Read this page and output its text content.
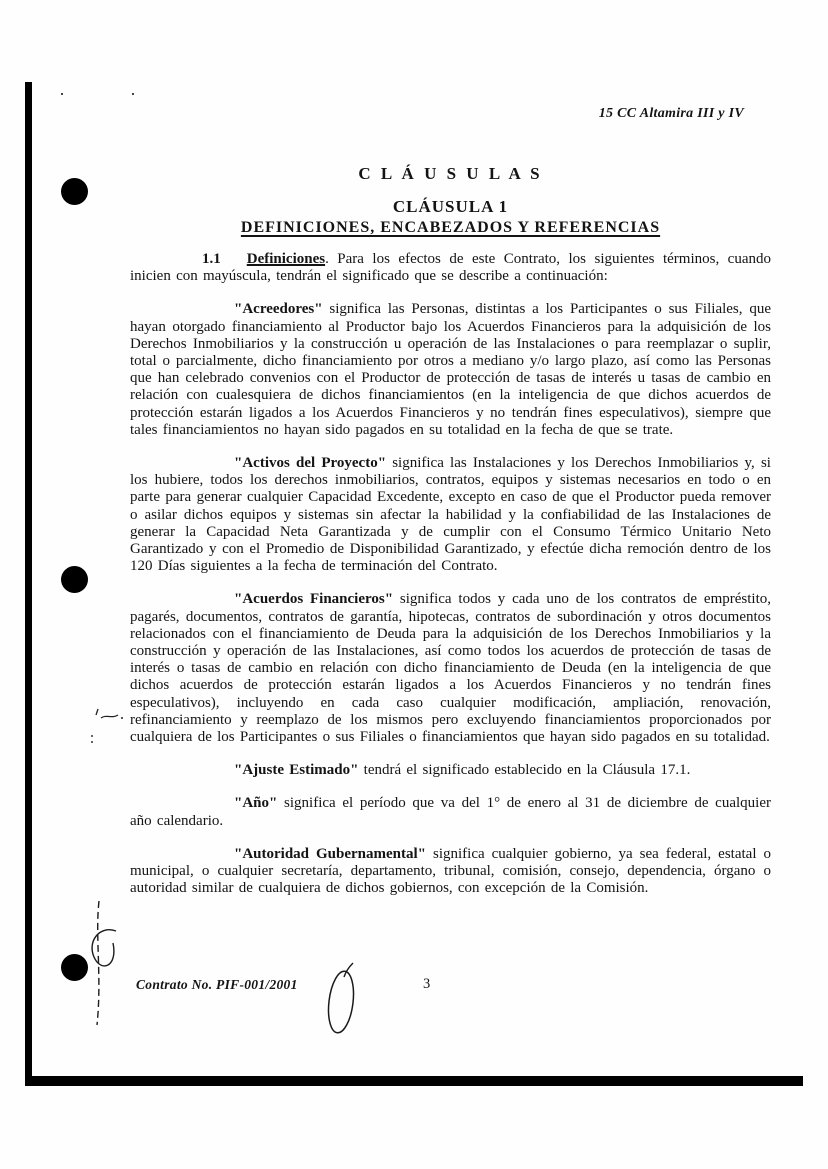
15 CC Altamira III y IV
C L Á U S U L A S
CLÁUSULA 1
DEFINICIONES, ENCABEZADOS Y REFERENCIAS

1.1 Definiciones. Para los efectos de este Contrato, los siguientes términos, cuando inicien con mayúscula, tendrán el significado que se describe a continuación:

"Acreedores" significa las Personas, distintas a los Participantes o sus Filiales, que hayan otorgado financiamiento al Productor bajo los Acuerdos Financieros para la adquisición de los Derechos Inmobiliarios y la construcción u operación de las Instalaciones o para reemplazar o suplir, total o parcialmente, dicho financiamiento por otros a mediano y/o largo plazo, así como las Personas que han celebrado convenios con el Productor de protección de tasas de interés u tasas de cambio en relación con cualesquiera de dichos financiamientos (en la inteligencia de que dichos acuerdos de protección estarán ligados a los Acuerdos Financieros y no tendrán fines especulativos), siempre que tales financiamientos no hayan sido pagados en su totalidad en la fecha de que se trate.

"Activos del Proyecto" significa las Instalaciones y los Derechos Inmobiliarios y, si los hubiere, todos los derechos inmobiliarios, contratos, equipos y sistemas necesarios en todo o en parte para generar cualquier Capacidad Excedente, excepto en caso de que el Productor pueda remover o asilar dichos equipos y sistemas sin afectar la habilidad y la confiabilidad de las Instalaciones de generar la Capacidad Neta Garantizada y de cumplir con el Consumo Térmico Unitario Neto Garantizado y con el Promedio de Disponibilidad Garantizado, y efectúe dicha remoción dentro de los 120 Días siguientes a la fecha de terminación del Contrato.

"Acuerdos Financieros" significa todos y cada uno de los contratos de empréstito, pagarés, documentos, contratos de garantía, hipotecas, contratos de subordinación y otros documentos relacionados con el financiamiento de Deuda para la adquisición de los Derechos Inmobiliarios y la construcción y operación de las Instalaciones, así como todos los acuerdos de protección de tasas de interés o tasas de cambio en relación con dicho financiamiento de Deuda (en la inteligencia de que dichos acuerdos de protección estarán ligados a los Acuerdos Financieros y no tendrán fines especulativos), incluyendo en cada caso cualquier modificación, ampliación, renovación, refinanciamiento y reemplazo de los mismos pero excluyendo financiamientos proporcionados por cualquiera de los Participantes o sus Filiales o financiamientos que hayan sido pagados en su totalidad.

"Ajuste Estimado" tendrá el significado establecido en la Cláusula 17.1.

"Año" significa el período que va del 1° de enero al 31 de diciembre de cualquier año calendario.

"Autoridad Gubernamental" significa cualquier gobierno, ya sea federal, estatal o municipal, o cualquier secretaría, departamento, tribunal, comisión, consejo, dependencia, órgano o autoridad similar de cualquiera de dichos gobiernos, con excepción de la Comisión.

Contrato No. PIF-001/2001	3
